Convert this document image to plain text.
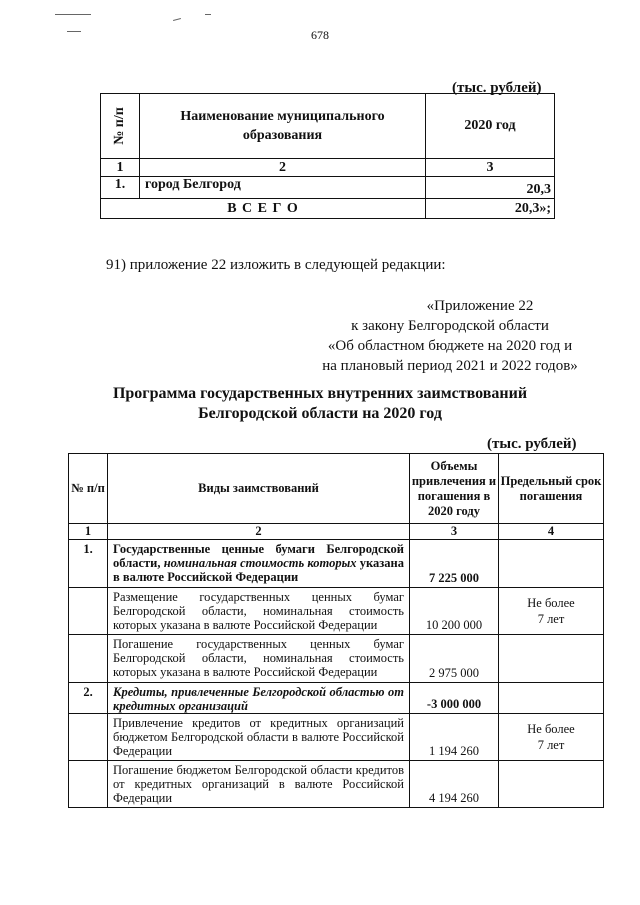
678
(тыс. рублей)
№ п/п	Наименование муниципального образования	2020 год
1	2	3
1.	город Белгород	20,3
В С Е Г О		20,3»;
91) приложение 22 изложить в следующей редакции:
«Приложение 22
к закону Белгородской области
«Об областном бюджете на 2020 год и
на плановый период 2021 и 2022 годов»
Программа государственных внутренних заимствований
Белгородской области на 2020 год
(тыс. рублей)
№ п/п	Виды заимствований	Объемы привлечения и погашения в 2020 году	Предельный срок погашения
1	2	3	4
1.	Государственные ценные бумаги Белгородской области, номинальная стоимость которых указана в валюте Российской Федерации	7 225 000	
	Размещение государственных ценных бумаг Белгородской области, номинальная стоимость которых указана в валюте Российской Федерации	10 200 000	Не более
7 лет

	Погашение государственных ценных бумаг Белгородской области, номинальная стоимость которых указана в валюте Российской Федерации	2 975 000	
2.	Кредиты, привлеченные Белгородской областью от кредитных организаций	-3 000 000	
	Привлечение кредитов от кредитных организаций бюджетом Белгородской области в валюте Российской Федерации	1 194 260	Не более
7 лет

	Погашение бюджетом Белгородской области кредитов от кредитных организаций в валюте Российской Федерации	4 194 260	
